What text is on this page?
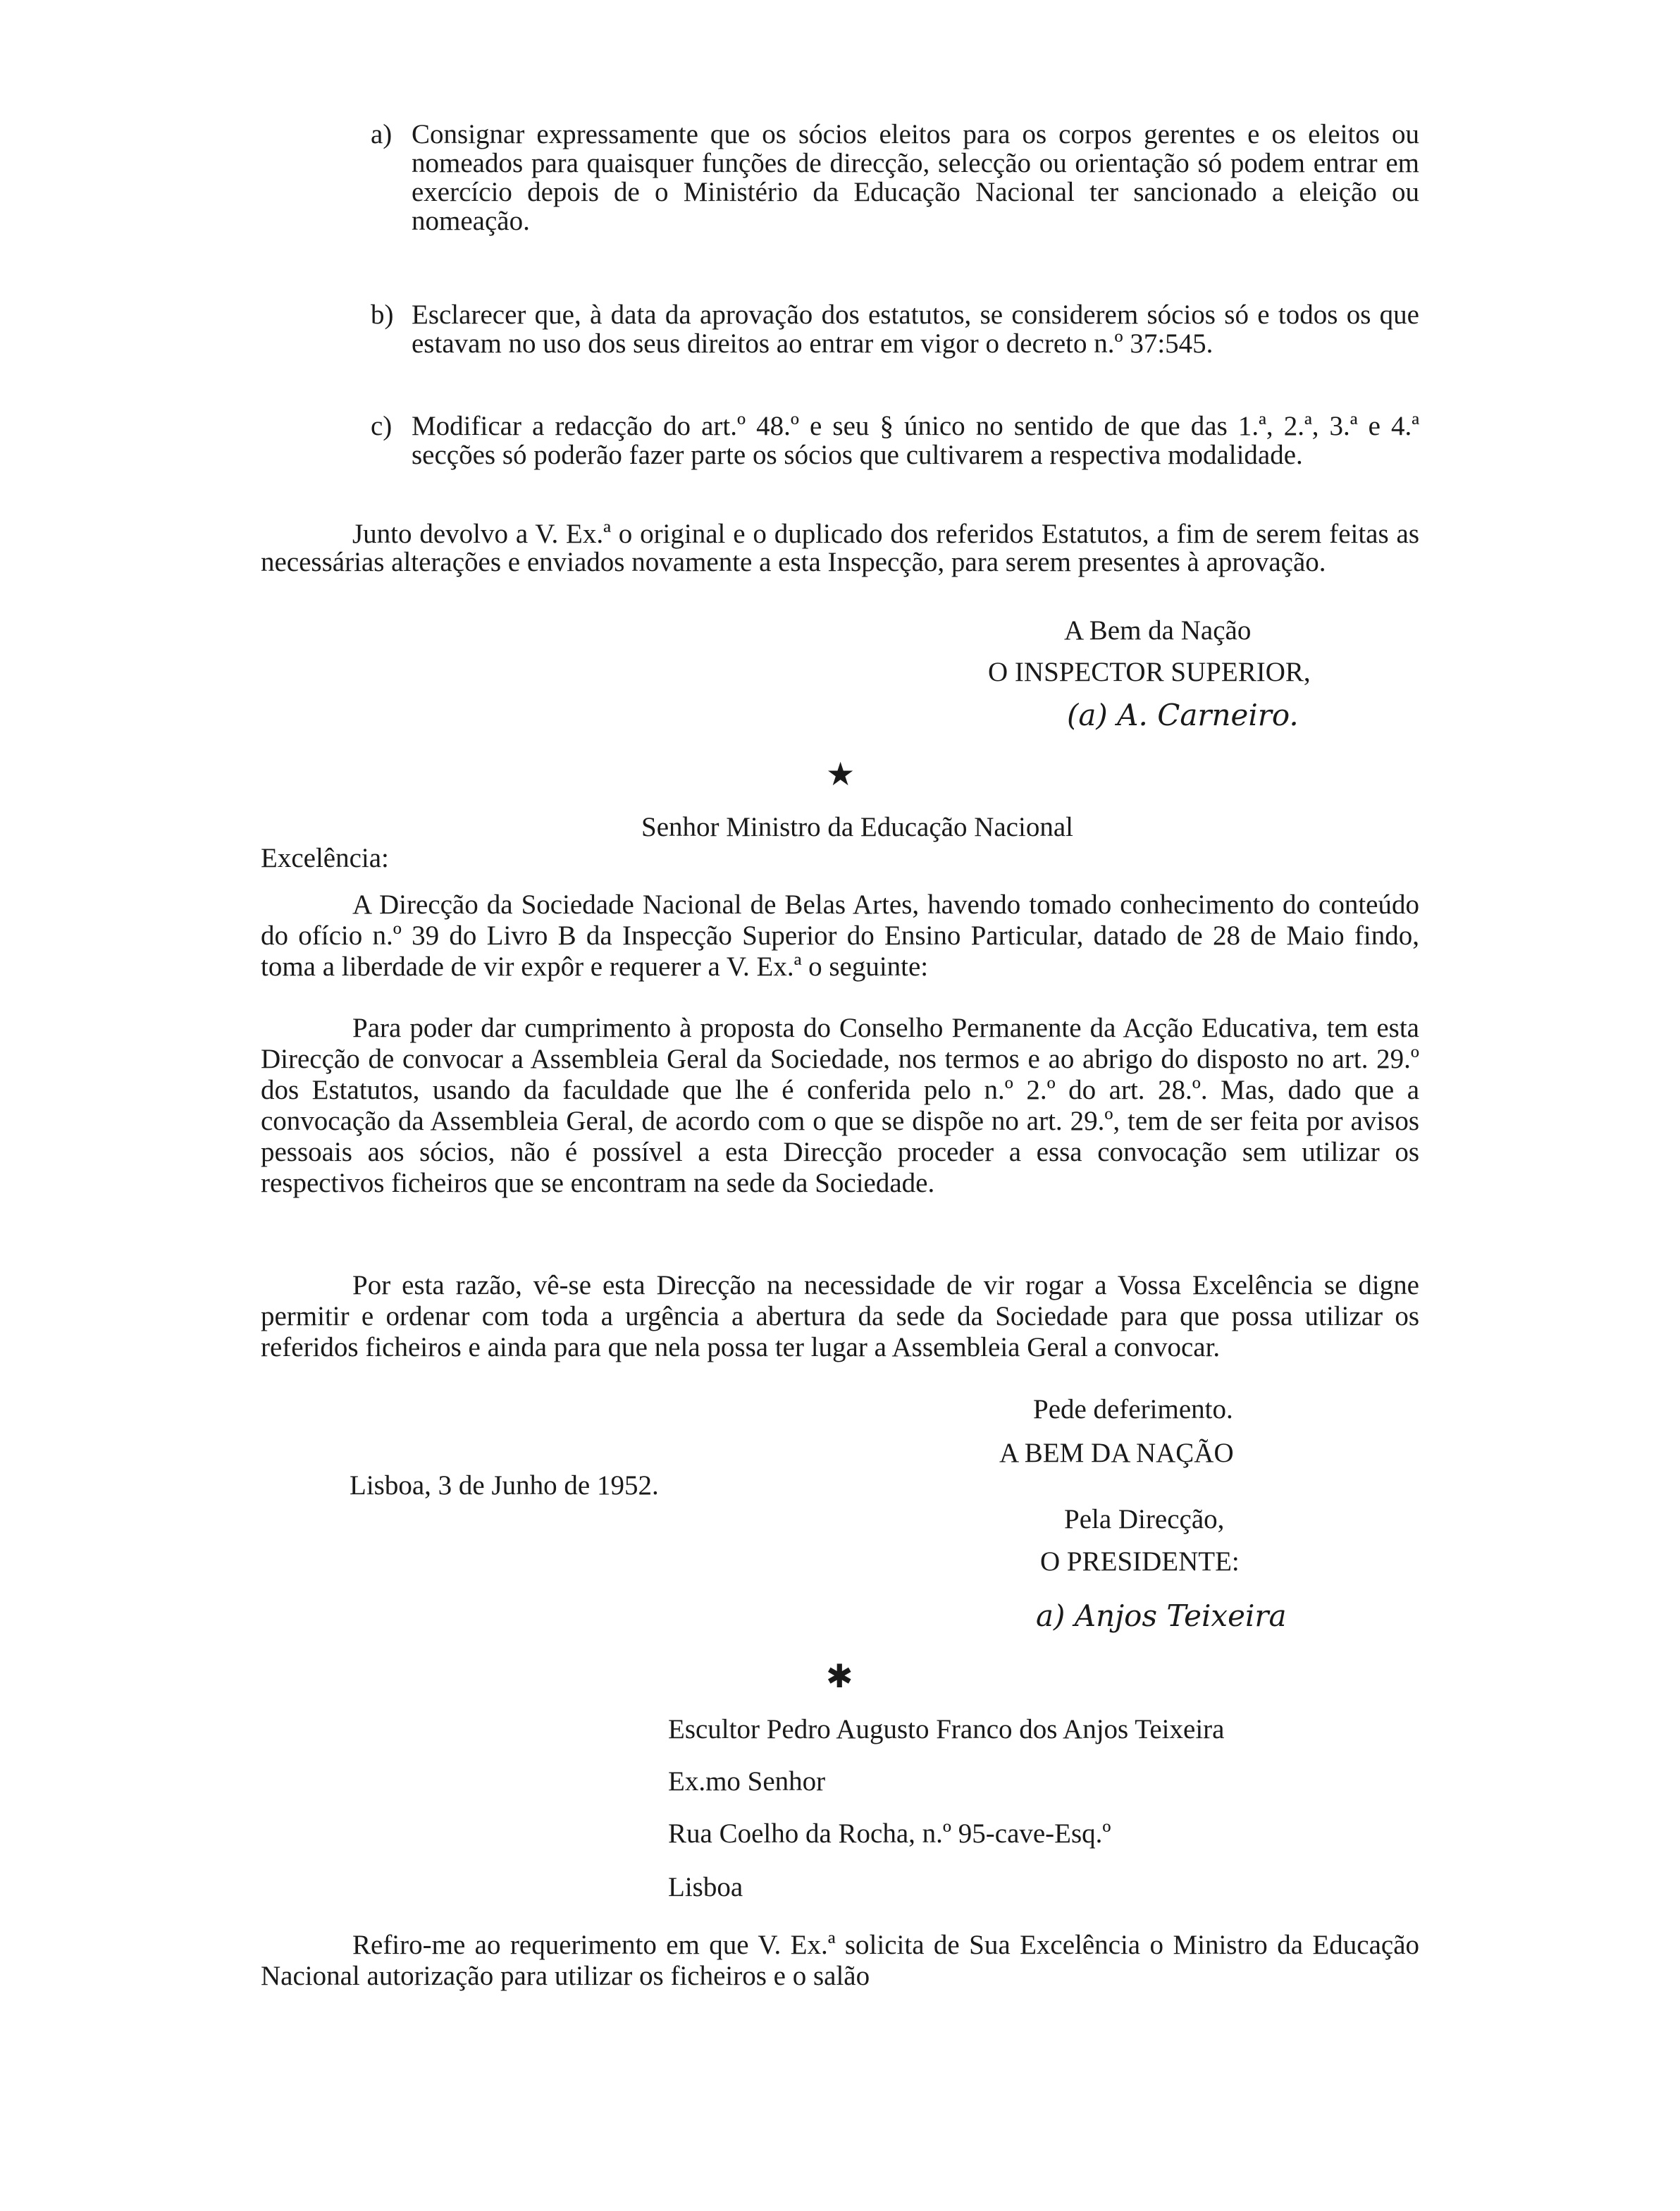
a) Consignar expressamente que os sócios eleitos para os corpos gerentes e os eleitos ou nomeados para quaisquer funções de direcção, selecção ou orientação só podem entrar em exercício depois de o Ministério da Educação Nacional ter sancionado a eleição ou nomeação.
b) Esclarecer que, à data da aprovação dos estatutos, se considerem sócios só e todos os que estavam no uso dos seus direitos ao entrar em vigor o decreto n.º 37:545.
c) Modificar a redacção do art.º 48.º e seu § único no sentido de que das 1.ª, 2.ª, 3.ª e 4.ª secções só poderão fazer parte os sócios que cultivarem a respectiva modalidade.
Junto devolvo a V. Ex.ª o original e o duplicado dos referidos Estatutos, a fim de serem feitas as necessárias alterações e enviados novamente a esta Inspecção, para serem presentes à aprovação.
A Bem da Nação
O INSPECTOR SUPERIOR,
(a) A. Carneiro.
★
Senhor Ministro da Educação Nacional
Excelência:
A Direcção da Sociedade Nacional de Belas Artes, havendo tomado conhecimento do conteúdo do ofício n.º 39 do Livro B da Inspecção Superior do Ensino Particular, datado de 28 de Maio findo, toma a liberdade de vir expôr e requerer a V. Ex.ª o seguinte:
Para poder dar cumprimento à proposta do Conselho Permanente da Acção Educativa, tem esta Direcção de convocar a Assembleia Geral da Sociedade, nos termos e ao abrigo do disposto no art. 29.º dos Estatutos, usando da faculdade que lhe é conferida pelo n.º 2.º do art. 28.º. Mas, dado que a convocação da Assembleia Geral, de acordo com o que se dispõe no art. 29.º, tem de ser feita por avisos pessoais aos sócios, não é possível a esta Direcção proceder a essa convocação sem utilizar os respectivos ficheiros que se encontram na sede da Sociedade.
Por esta razão, vê-se esta Direcção na necessidade de vir rogar a Vossa Excelência se digne permitir e ordenar com toda a urgência a abertura da sede da Sociedade para que possa utilizar os referidos ficheiros e ainda para que nela possa ter lugar a Assembleia Geral a convocar.
Pede deferimento.
A BEM DA NAÇÃO
Lisboa, 3 de Junho de 1952.
Pela Direcção,
O PRESIDENTE:
a) Anjos Teixeira
✱
Escultor Pedro Augusto Franco dos Anjos Teixeira
Ex.mo Senhor
Rua Coelho da Rocha, n.º 95-cave-Esq.º
Lisboa
Refiro-me ao requerimento em que V. Ex.ª solicita de Sua Excelência o Ministro da Educação Nacional autorização para utilizar os ficheiros e o salão
